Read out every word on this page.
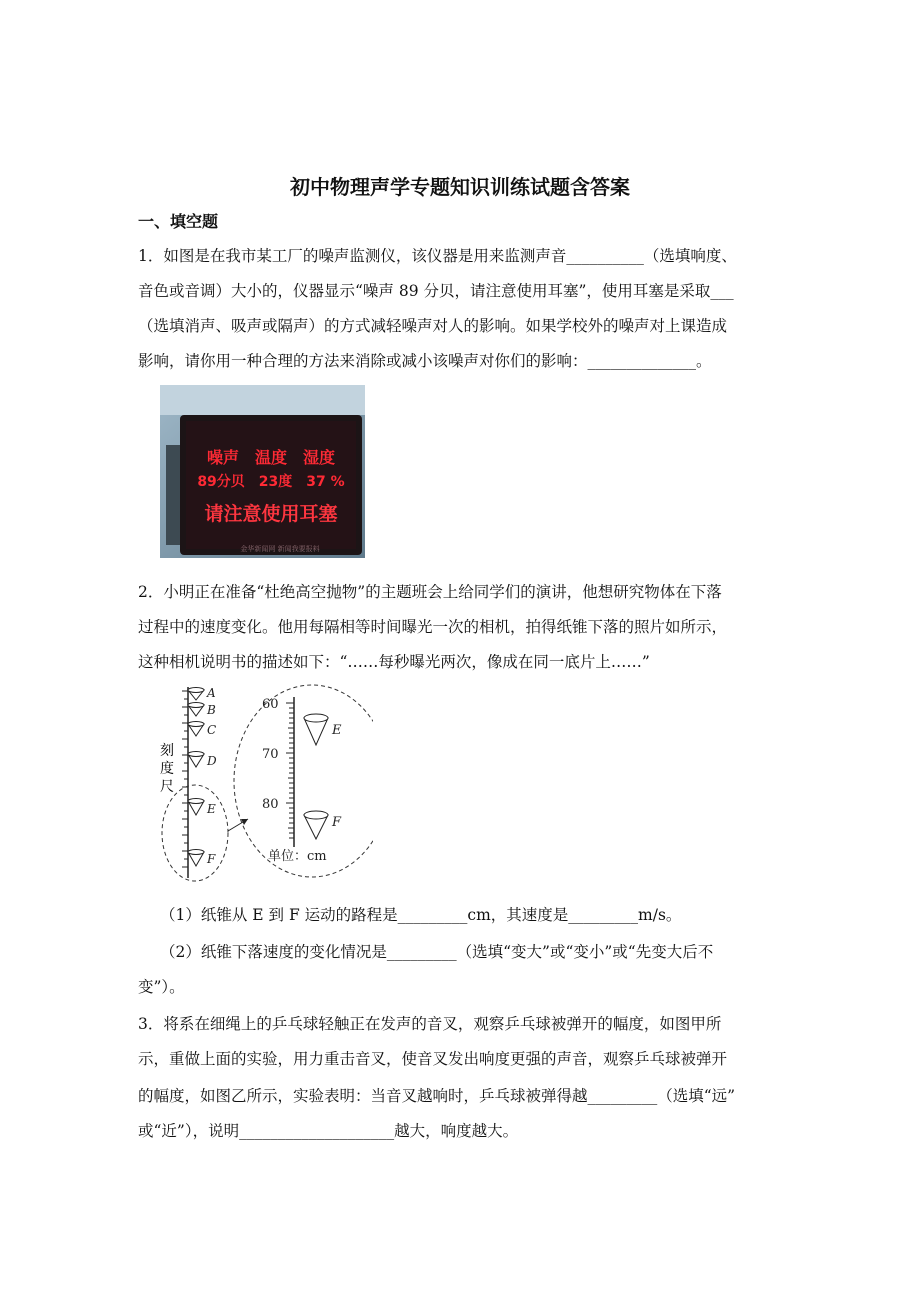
初中物理声学专题知识训练试题含答案
一、填空题
1．如图是在我市某工厂的噪声监测仪，该仪器是用来监测声音__________（选填响度、
音色或音调）大小的，仪器显示“噪声 89 分贝，请注意使用耳塞”，使用耳塞是采取___
（选填消声、吸声或隔声）的方式减轻噪声对人的影响。如果学校外的噪声对上课造成
影响，请你用一种合理的方法来消除或减小该噪声对你们的影响：______________。
噪声　温度　湿度
89分贝　23度　37 %
请注意使用耳塞
金华新闻网 新闻我要报料
2．小明正在准备“杜绝高空抛物”的主题班会上给同学们的演讲，他想研究物体在下落
过程中的速度变化。他用每隔相等时间曝光一次的相机，拍得纸锥下落的照片如所示，
这种相机说明书的描述如下：“……每秒曝光两次，像成在同一底片上……”
刻
度
尺
A
B
C
D
E
F
60
70
80
E
F
单位：cm
（1）纸锥从 E 到 F 运动的路程是_________cm，其速度是_________m/s。
（2）纸锥下落速度的变化情况是_________（选填“变大”或“变小”或“先变大后不
变”）。
3．将系在细绳上的乒乓球轻触正在发声的音叉，观察乒乓球被弹开的幅度，如图甲所
示，重做上面的实验，用力重击音叉，使音叉发出响度更强的声音，观察乒乓球被弹开
的幅度，如图乙所示，实验表明：当音叉越响时，乒乓球被弹得越_________（选填“远”
或“近”），说明____________________越大，响度越大。
